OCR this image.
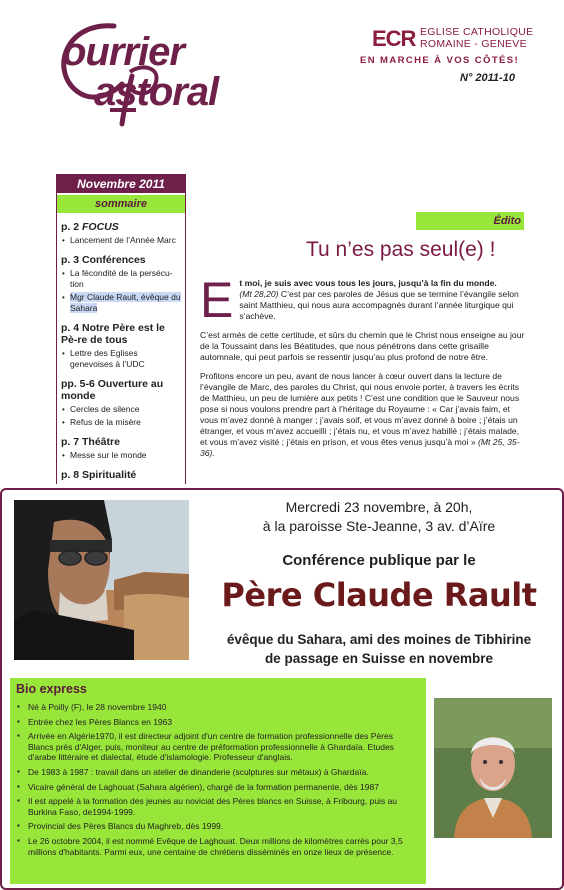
ourrier
astoral
ECR EGLISE CATHOLIQUE
ROMAINE - GENEVE
EN MARCHE À VOS CÔTÉS!
N° 2011-10
Novembre 2011
sommaire
p. 2 FOCUS
• Lancement de l’Année Marc
p. 3 Conférences
• La fécondité de la persécu-tion
• Mgr Claude Rault, évêque du Sahara
p. 4 Notre Père est le Pè-re de tous
• Lettre des Eglises genevoises à l’UDC
pp. 5-6 Ouverture au monde
• Cercles de silence
• Refus de la misère
p. 7 Théâtre
• Messe sur le monde
p. 8 Spiritualité
Édito
Tu n’es pas seul(e) !
E t moi, je suis avec vous tous les jours, jusqu’à la fin du monde.
(Mt 28,20) C’est par ces paroles de Jésus que se termine l’évangile selon saint Matthieu, qui nous aura accompagnés durant l’année liturgique qui s’achève.
C’est armés de cette certitude, et sûrs du chemin que le Christ nous enseigne au jour de la Toussaint dans les Béatitudes, que nous pénétrons dans cette grisaille automnale, qui peut parfois se ressentir jusqu’au plus profond de notre être.
Profitons encore un peu, avant de nous lancer à cœur ouvert dans la lecture de l’évangile de Marc, des paroles du Christ, qui nous envoie porter, à travers les écrits de Matthieu, un peu de lumière aux petits ! C’est une condition que le Sauveur nous pose si nous voulons prendre part à l’héritage du Royaume : « Car j’avais faim, et vous m’avez donné à manger ; j’avais soif, et vous m’avez donné à boire ; j’étais un étranger, et vous m’avez accueilli ; j’étais nu, et vous m’avez habillé ; j’étais malade, et vous m’avez visité ; j’étais en prison, et vous êtes venus jusqu’à moi » (Mt 25, 35-36).
Mercredi 23 novembre, à 20h,
à la paroisse Ste-Jeanne, 3 av. d’Aïre
Conférence publique par le
Père Claude Rault
évêque du Sahara, ami des moines de Tibhirine
de passage en Suisse en novembre
Bio express
▪ Né à Poilly (F), le 28 novembre 1940
▪ Entrée chez les Pères Blancs en 1963
▪ Arrivée en Algérie1970, il est directeur adjoint d'un centre de formation professionnelle des Pères Blancs près d'Alger, puis, moniteur au centre de préformation professionnelle à Ghardaïa. Etudes d'arabe littéraire et dialectal, étude d'islamologie. Professeur d'anglais.
▪ De 1983 à 1987 : travail dans un atelier de dinanderie (sculptures sur métaux) à Ghardaïa.
▪ Vicaire général de Laghouat (Sahara algérien), chargé de la formation permanente, dès 1987
▪ Il est appelé à la formation des jeunes au noviciat des Pères blancs en Suisse, à Fribourg, puis au Burkina Faso, de1994-1999.
▪ Provincial des Pères Blancs du Maghreb, dès 1999.
▪ Le 26 octobre 2004, il est nommé Evêque de Laghouat. Deux millions de kilomètres carrés pour 3,5 millions d'habitants. Parmi eux, une centaine de chrétiens disséminés en onze lieux de présence.
